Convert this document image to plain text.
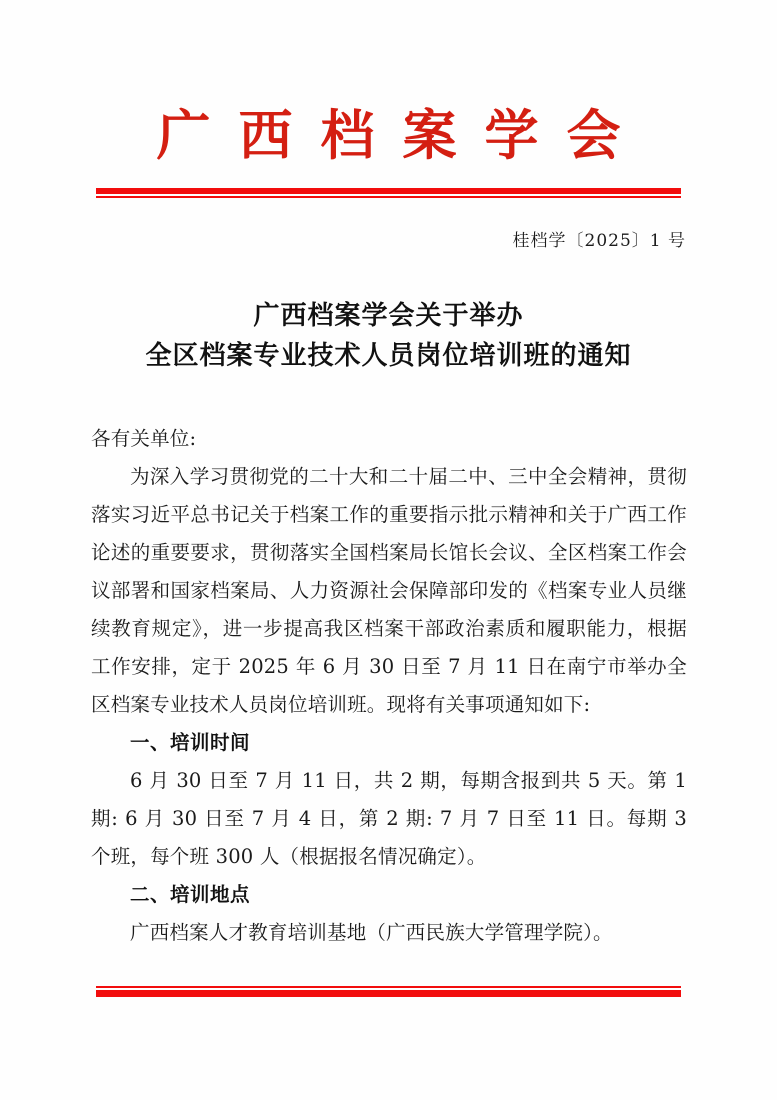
广西档案学会
桂档学〔2025〕1 号
广西档案学会关于举办
全区档案专业技术人员岗位培训班的通知

各有关单位:

为深入学习贯彻党的二十大和二十届二中、三中全会精神，贯彻落实习近平总书记关于档案工作的重要指示批示精神和关于广西工作论述的重要要求，贯彻落实全国档案局长馆长会议、全区档案工作会议部署和国家档案局、人力资源社会保障部印发的《档案专业人员继续教育规定》，进一步提高我区档案干部政治素质和履职能力，根据工作安排，定于 2025 年 6 月 30 日至 7 月 11 日在南宁市举办全区档案专业技术人员岗位培训班。现将有关事项通知如下:

一、培训时间

6 月 30 日至 7 月 11 日，共 2 期，每期含报到共 5 天。第 1 期: 6 月 30 日至 7 月 4 日，第 2 期: 7 月 7 日至 11 日。每期 3 个班，每个班 300 人（根据报名情况确定）。

二、培训地点

广西档案人才教育培训基地（广西民族大学管理学院）。
